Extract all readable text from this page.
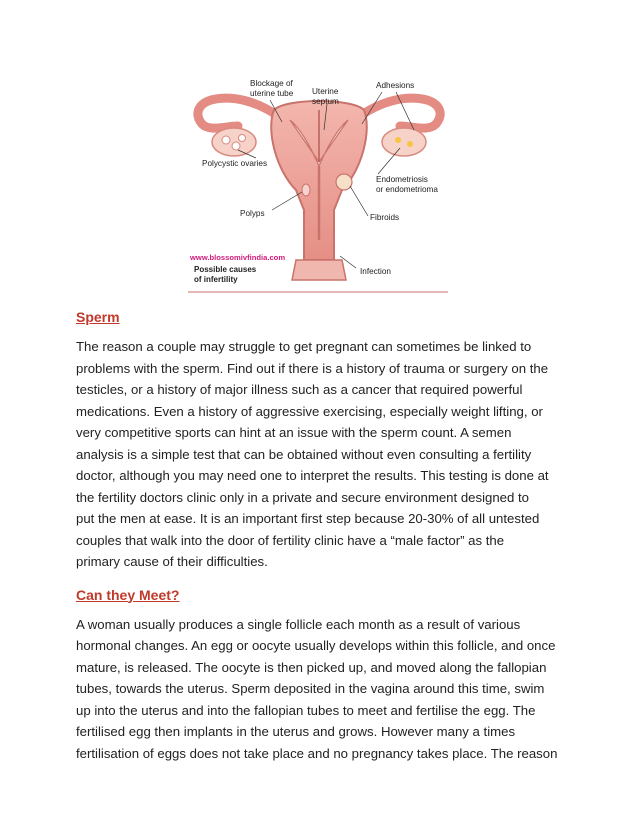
Blockage of
uterine tube Uterine
septum
Adhesions
Polycystic ovaries
Endometriosis
or endometrioma
Polyps	Fibroids
Infection
www.blossomivfindia.com
Possible causes
of infertility
Sperm

The reason a couple may struggle to get pregnant can sometimes be linked to
problems with the sperm. Find out if there is a history of trauma or surgery on the
testicles, or a history of major illness such as a cancer that required powerful
medications. Even a history of aggressive exercising, especially weight lifting, or
very competitive sports can hint at an issue with the sperm count. A semen
analysis is a simple test that can be obtained without even consulting a fertility
doctor, although you may need one to interpret the results. This testing is done at
the fertility doctors clinic only in a private and secure environment designed to
put the men at ease. It is an important first step because 20-30% of all untested
couples that walk into the door of fertility clinic have a “male factor” as the
primary cause of their difficulties.

Can they Meet?

A woman usually produces a single follicle each month as a result of various
hormonal changes. An egg or oocyte usually develops within this follicle, and once
mature, is released. The oocyte is then picked up, and moved along the fallopian
tubes, towards the uterus. Sperm deposited in the vagina around this time, swim
up into the uterus and into the fallopian tubes to meet and fertilise the egg. The
fertilised egg then implants in the uterus and grows. However many a times
fertilisation of eggs does not take place and no pregnancy takes place. The reason
